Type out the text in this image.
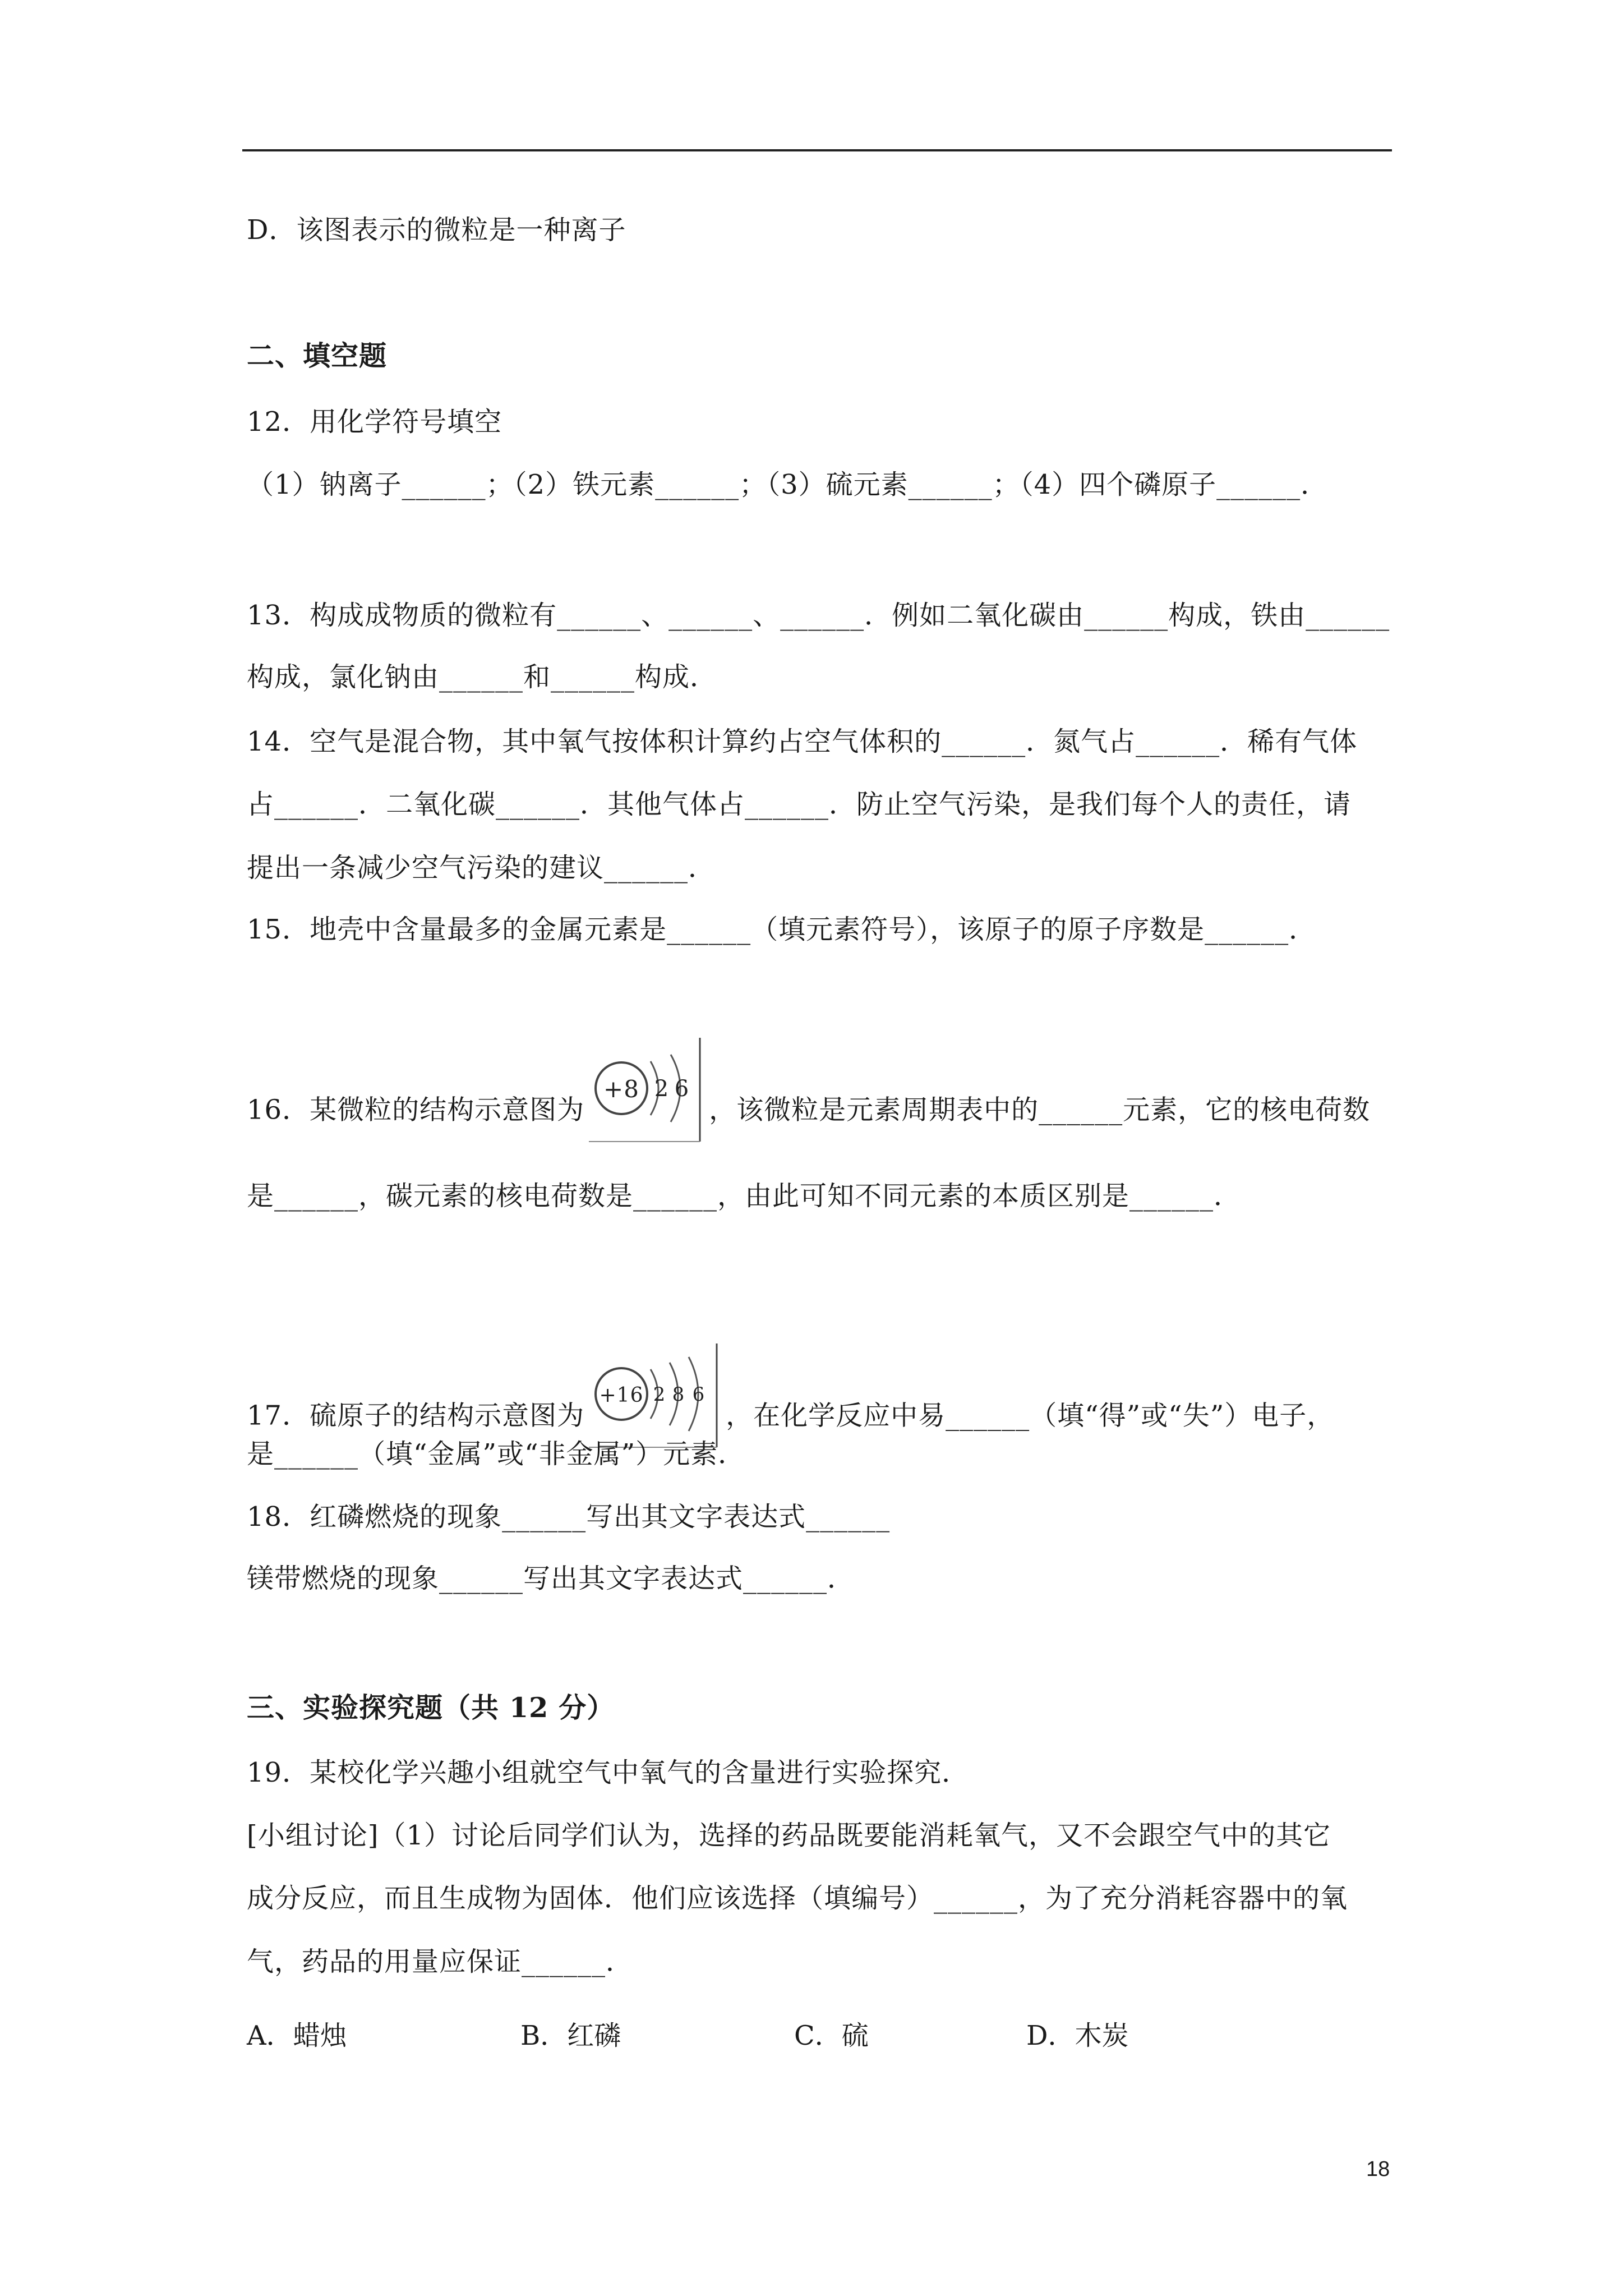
D．该图表示的微粒是一种离子
二、填空题
12．用化学符号填空
（1）钠离子______；（2）铁元素______；（3）硫元素______；（4）四个磷原子______．
13．构成成物质的微粒有______、______、______．例如二氧化碳由______构成，铁由______
构成，氯化钠由______和______构成．
14．空气是混合物，其中氧气按体积计算约占空气体积的______．氮气占______．稀有气体
占______．二氧化碳______．其他气体占______．防止空气污染，是我们每个人的责任，请
提出一条减少空气污染的建议______．
15．地壳中含量最多的金属元素是______（填元素符号），该原子的原子序数是______．
16．某微粒的结构示意图为
+8 2 6
，该微粒是元素周期表中的______元素，它的核电荷数
是______，碳元素的核电荷数是______，由此可知不同元素的本质区别是______．
17．硫原子的结构示意图为
+16 2 8 6
，在化学反应中易______（填“得”或“失”）电子，
是______（填“金属”或“非金属”）元素．
18．红磷燃烧的现象______写出其文字表达式______
镁带燃烧的现象______写出其文字表达式______．
三、实验探究题（共 12 分）
19．某校化学兴趣小组就空气中氧气的含量进行实验探究．
[小组讨论]（1）讨论后同学们认为，选择的药品既要能消耗氧气，又不会跟空气中的其它
成分反应，而且生成物为固体．他们应该选择（填编号）______，为了充分消耗容器中的氧
气，药品的用量应保证______．
A．蜡烛	B．红磷	C．硫	D．木炭
18
